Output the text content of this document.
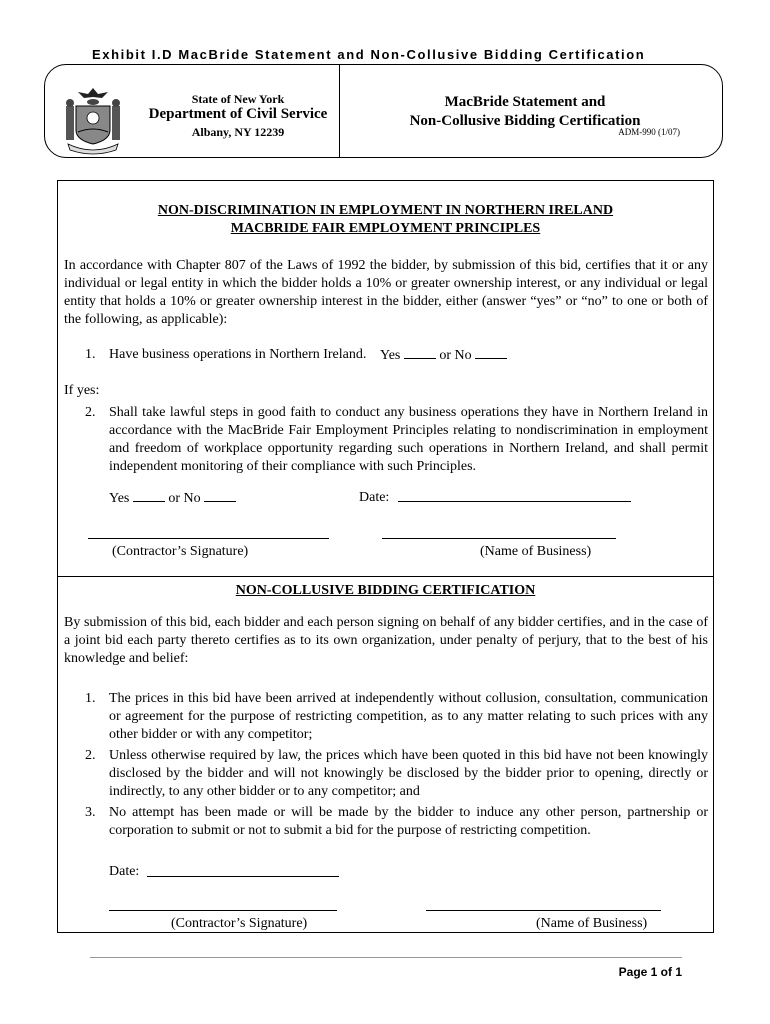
Exhibit I.D MacBride Statement and Non-Collusive Bidding Certification
State of New York
Department of Civil Service
Albany, NY 12239
MacBride Statement and
Non-Collusive Bidding Certification
ADM-990 (1/07)
NON-DISCRIMINATION IN EMPLOYMENT IN NORTHERN IRELAND
MACBRIDE FAIR EMPLOYMENT PRINCIPLES
In accordance with Chapter 807 of the Laws of 1992 the bidder, by submission of this bid, certifies that it or any individual or legal entity in which the bidder holds a 10% or greater ownership interest, or any individual or legal entity that holds a 10% or greater ownership interest in the bidder, either (answer “yes” or “no” to one or both of the following, as applicable):
1. Have business operations in Northern Ireland. Yes	or No
If yes:
2. Shall take lawful steps in good faith to conduct any business operations they have in Northern Ireland in accordance with the MacBride Fair Employment Principles relating to nondiscrimination in employment and freedom of workplace opportunity regarding such operations in Northern Ireland, and shall permit independent monitoring of their compliance with such Principles.
Yes	or No	Date:
(Contractor’s Signature)	(Name of Business)
NON-COLLUSIVE BIDDING CERTIFICATION
By submission of this bid, each bidder and each person signing on behalf of any bidder certifies, and in the case of a joint bid each party thereto certifies as to its own organization, under penalty of perjury, that to the best of his knowledge and belief:
1. The prices in this bid have been arrived at independently without collusion, consultation, communication or agreement for the purpose of restricting competition, as to any matter relating to such prices with any other bidder or with any competitor;
2. Unless otherwise required by law, the prices which have been quoted in this bid have not been knowingly disclosed by the bidder and will not knowingly be disclosed by the bidder prior to opening, directly or indirectly, to any other bidder or to any competitor; and
3. No attempt has been made or will be made by the bidder to induce any other person, partnership or corporation to submit or not to submit a bid for the purpose of restricting competition.
Date:
(Contractor’s Signature)	(Name of Business)
Page 1 of 1
